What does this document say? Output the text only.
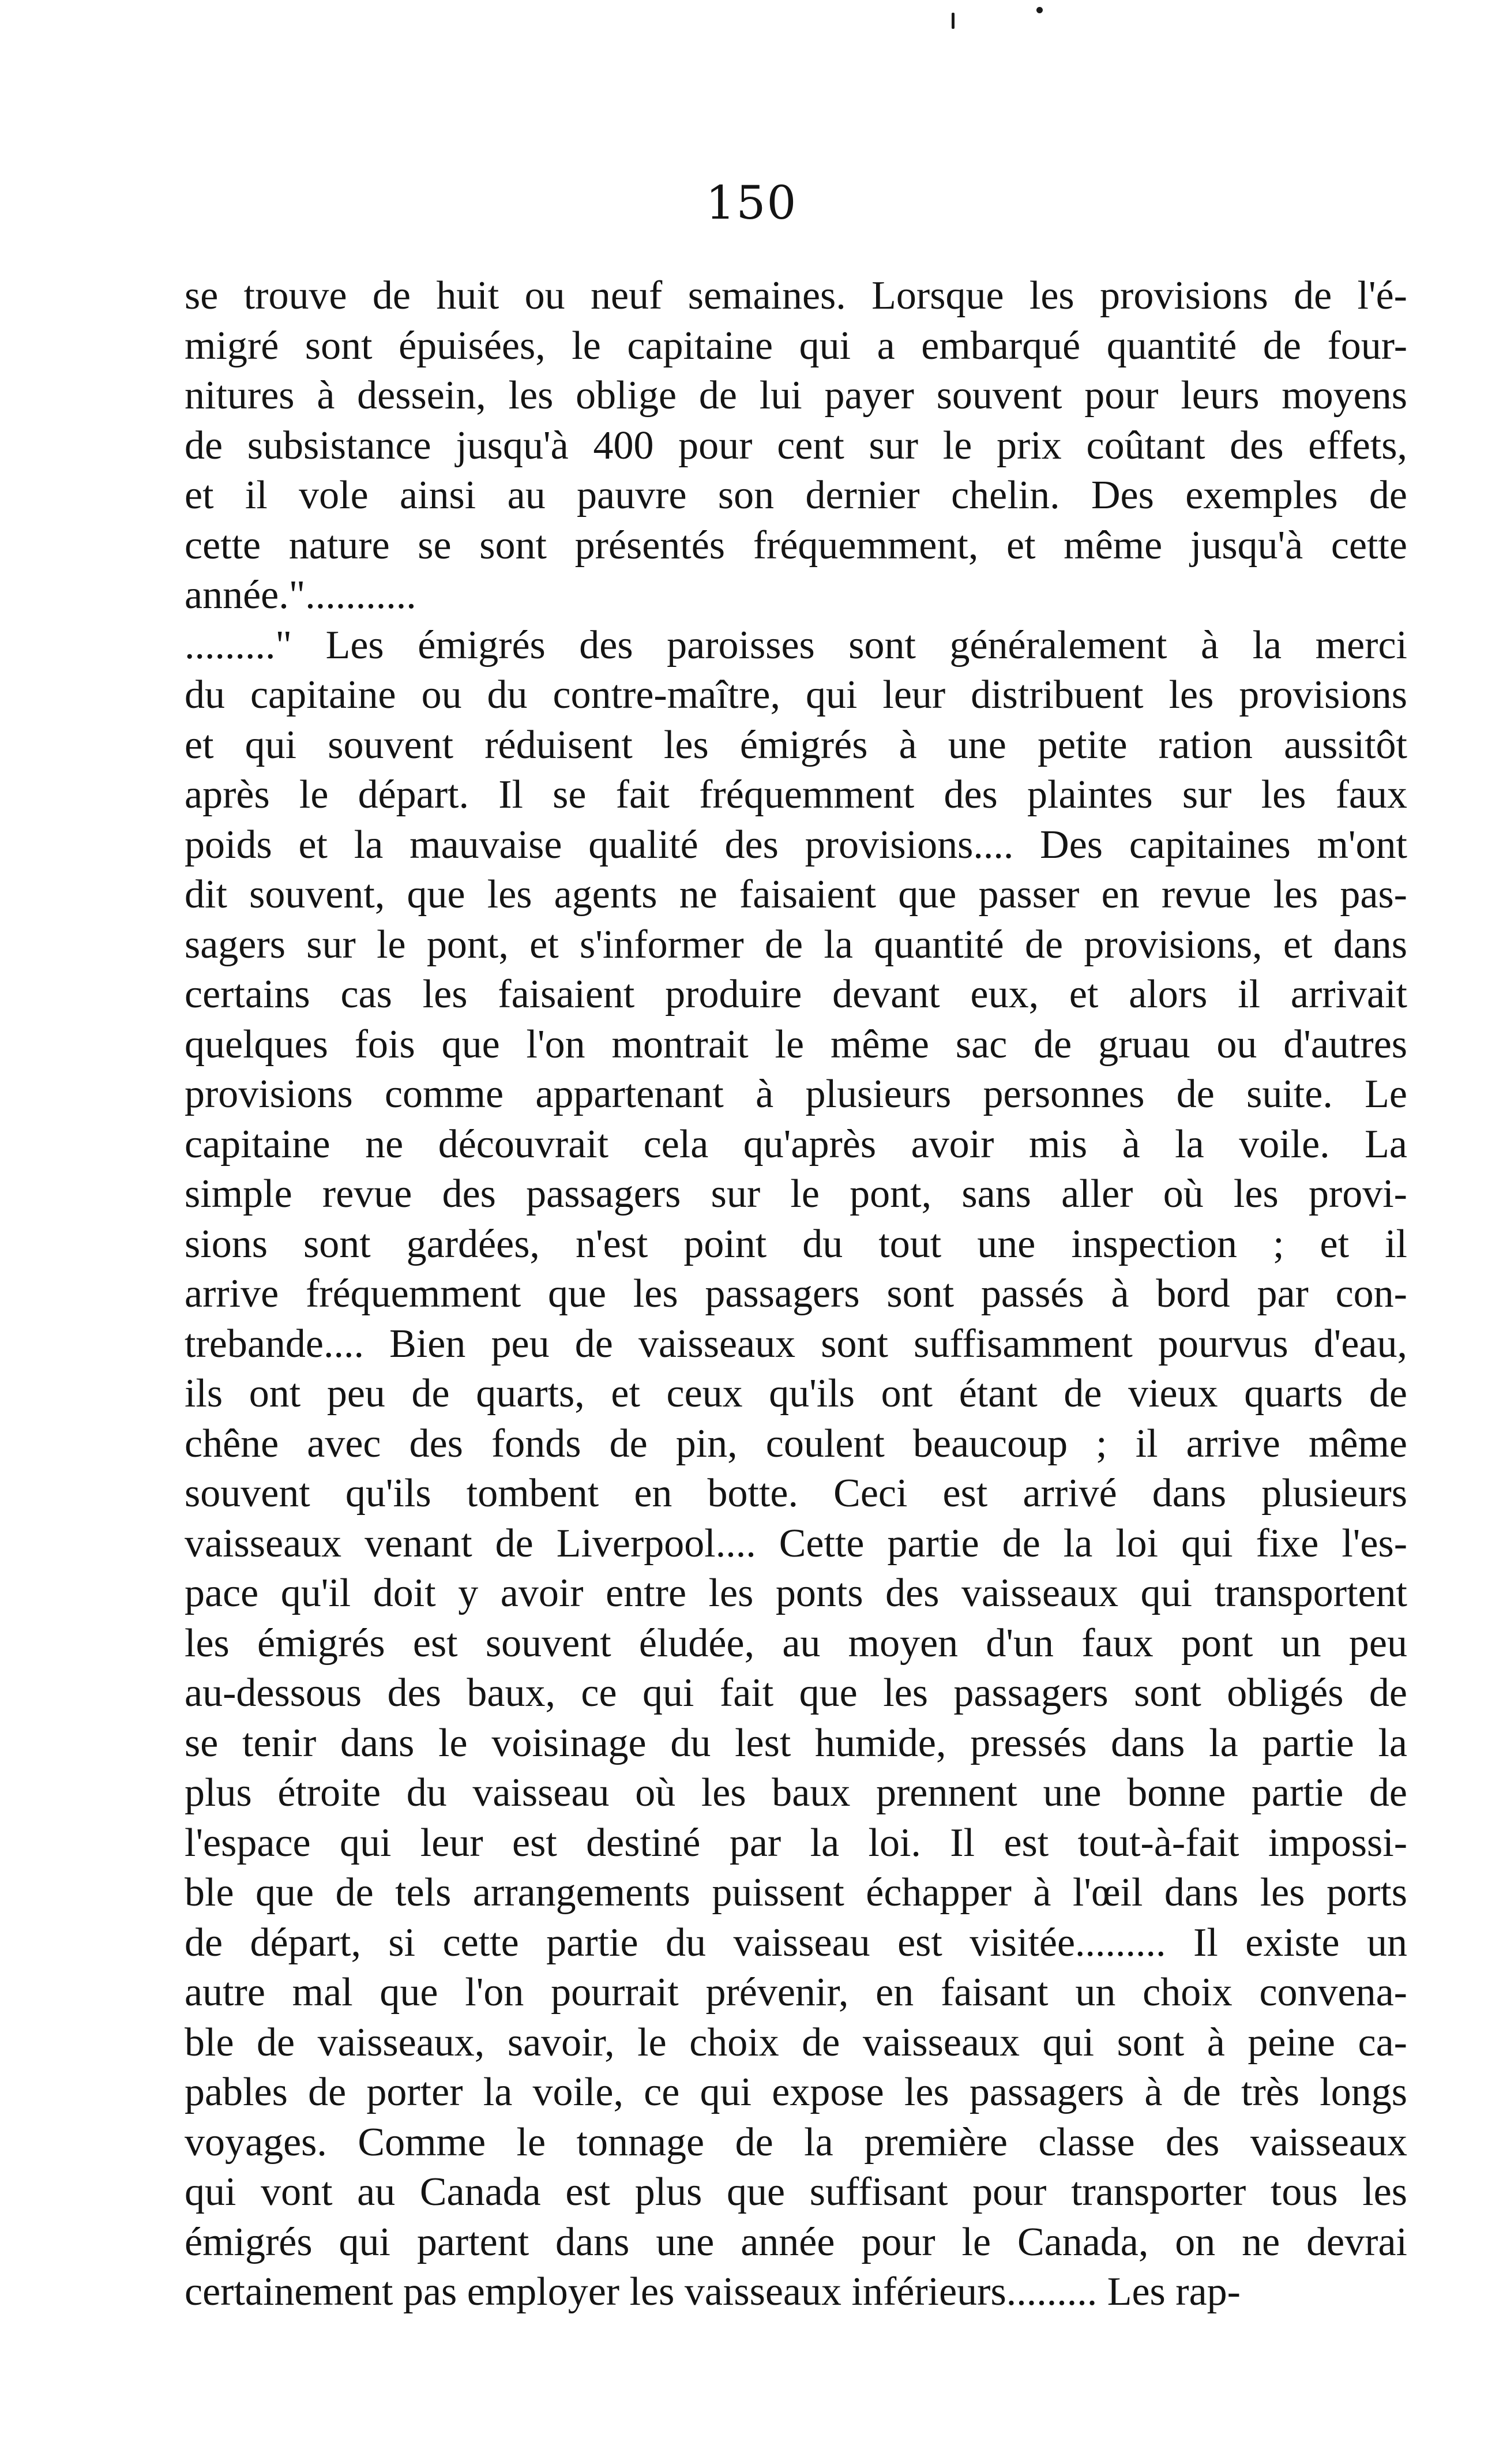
150
se trouve de huit ou neuf semaines. Lorsque les provisions de l'é-
migré sont épuisées, le capitaine qui a embarqué quantité de four-
nitures à dessein, les oblige de lui payer souvent pour leurs moyens
de subsistance jusqu'à 400 pour cent sur le prix coûtant des effets,
et il vole ainsi au pauvre son dernier chelin. Des exemples de
cette nature se sont présentés fréquemment, et même jusqu'à cette
année."...........
........." Les émigrés des paroisses sont généralement à la merci
du capitaine ou du contre-maître, qui leur distribuent les provisions
et qui souvent réduisent les émigrés à une petite ration aussitôt
après le départ. Il se fait fréquemment des plaintes sur les faux
poids et la mauvaise qualité des provisions.... Des capitaines m'ont
dit souvent, que les agents ne faisaient que passer en revue les pas-
sagers sur le pont, et s'informer de la quantité de provisions, et dans
certains cas les faisaient produire devant eux, et alors il arrivait
quelques fois que l'on montrait le même sac de gruau ou d'autres
provisions comme appartenant à plusieurs personnes de suite. Le
capitaine ne découvrait cela qu'après avoir mis à la voile. La
simple revue des passagers sur le pont, sans aller où les provi-
sions sont gardées, n'est point du tout une inspection ; et il
arrive fréquemment que les passagers sont passés à bord par con-
trebande.... Bien peu de vaisseaux sont suffisamment pourvus d'eau,
ils ont peu de quarts, et ceux qu'ils ont étant de vieux quarts de
chêne avec des fonds de pin, coulent beaucoup ; il arrive même
souvent qu'ils tombent en botte. Ceci est arrivé dans plusieurs
vaisseaux venant de Liverpool.... Cette partie de la loi qui fixe l'es-
pace qu'il doit y avoir entre les ponts des vaisseaux qui transportent
les émigrés est souvent éludée, au moyen d'un faux pont un peu
au-dessous des baux, ce qui fait que les passagers sont obligés de
se tenir dans le voisinage du lest humide, pressés dans la partie la
plus étroite du vaisseau où les baux prennent une bonne partie de
l'espace qui leur est destiné par la loi. Il est tout-à-fait impossi-
ble que de tels arrangements puissent échapper à l'œil dans les ports
de départ, si cette partie du vaisseau est visitée......... Il existe un
autre mal que l'on pourrait prévenir, en faisant un choix convena-
ble de vaisseaux, savoir, le choix de vaisseaux qui sont à peine ca-
pables de porter la voile, ce qui expose les passagers à de très longs
voyages. Comme le tonnage de la première classe des vaisseaux
qui vont au Canada est plus que suffisant pour transporter tous les
émigrés qui partent dans une année pour le Canada, on ne devrai
certainement pas employer les vaisseaux inférieurs......... Les rap-
